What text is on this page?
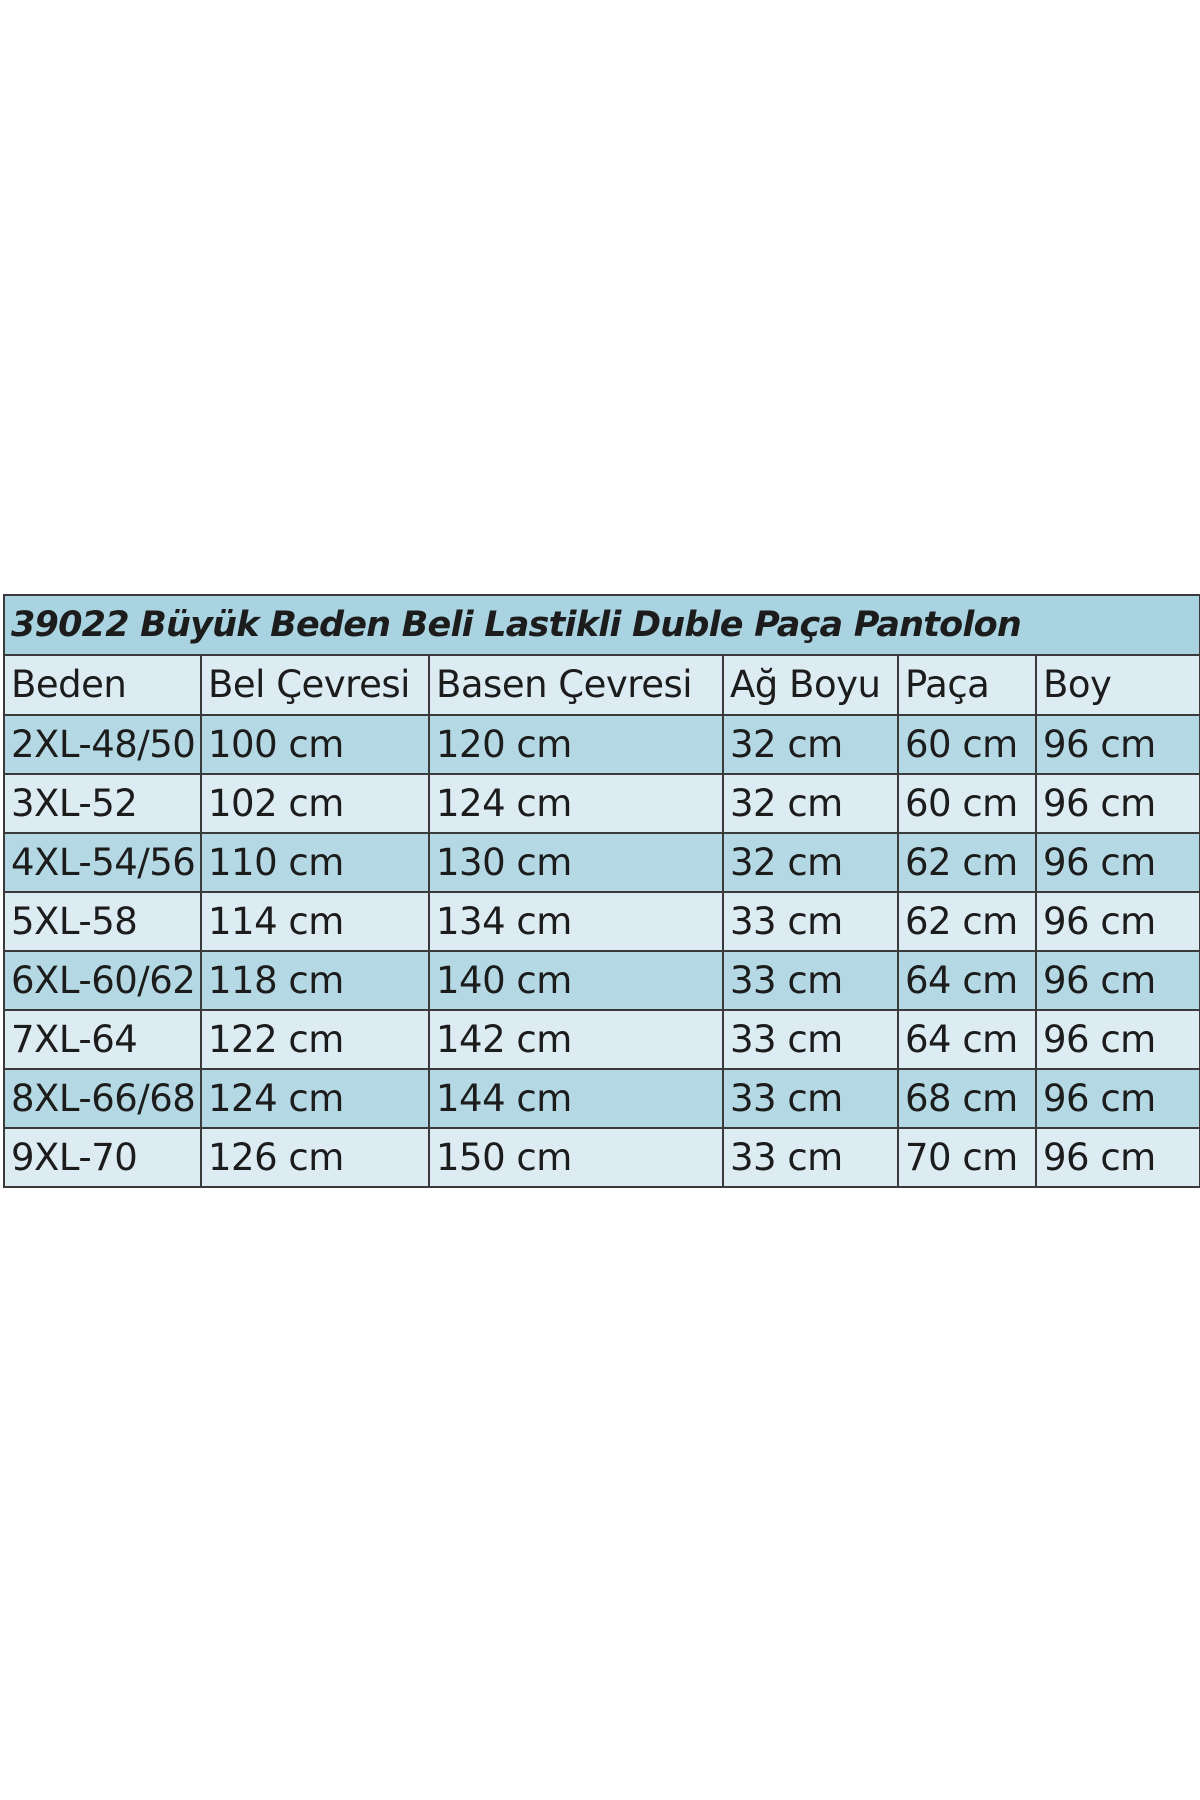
39022 Büyük Beden Beli Lastikli Duble Paça Pantolon					
Beden	Bel Çevresi	Basen Çevresi	Ağ Boyu	Paça	Boy
2XL-48/50	100 cm	120 cm	32 cm	60 cm	96 cm
3XL-52	102 cm	124 cm	32 cm	60 cm	96 cm
4XL-54/56	110 cm	130 cm	32 cm	62 cm	96 cm
5XL-58	114 cm	134 cm	33 cm	62 cm	96 cm
6XL-60/62	118 cm	140 cm	33 cm	64 cm	96 cm
7XL-64	122 cm	142 cm	33 cm	64 cm	96 cm
8XL-66/68	124 cm	144 cm	33 cm	68 cm	96 cm
9XL-70	126 cm	150 cm	33 cm	70 cm	96 cm
